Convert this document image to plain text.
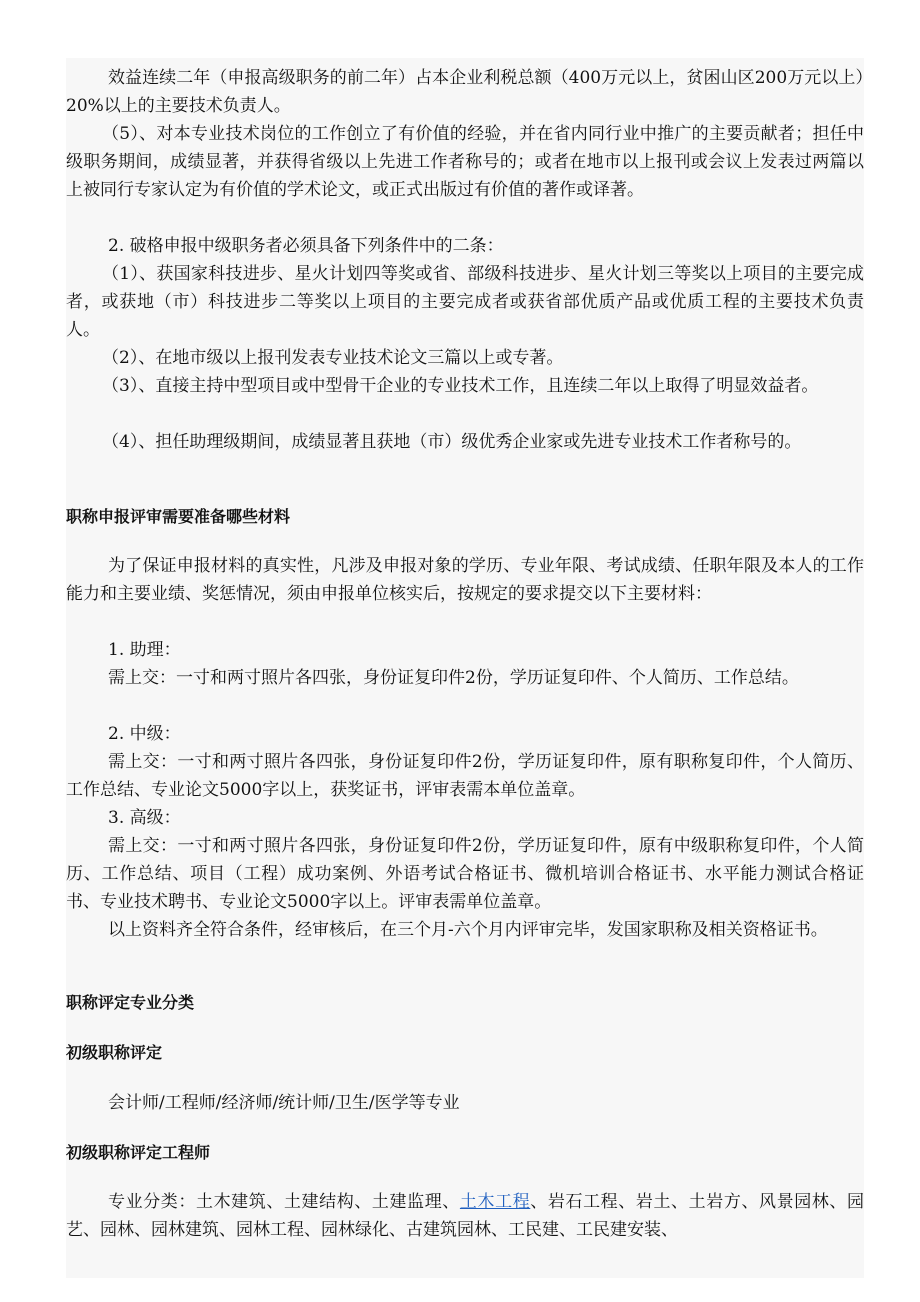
效益连续二年（申报高级职务的前二年）占本企业利税总额（400万元以上，贫困山区200万元以上）20%以上的主要技术负责人。

（5）、对本专业技术岗位的工作创立了有价值的经验，并在省内同行业中推广的主要贡献者；担任中级职务期间，成绩显著，并获得省级以上先进工作者称号的；或者在地市以上报刊或会议上发表过两篇以上被同行专家认定为有价值的学术论文，或正式出版过有价值的著作或译著。

2. 破格申报中级职务者必须具备下列条件中的二条：

（1）、获国家科技进步、星火计划四等奖或省、部级科技进步、星火计划三等奖以上项目的主要完成者，或获地（市）科技进步二等奖以上项目的主要完成者或获省部优质产品或优质工程的主要技术负责人。

（2）、在地市级以上报刊发表专业技术论文三篇以上或专著。

（3）、直接主持中型项目或中型骨干企业的专业技术工作，且连续二年以上取得了明显效益者。

（4）、担任助理级期间，成绩显著且获地（市）级优秀企业家或先进专业技术工作者称号的。

职称申报评审需要准备哪些材料

为了保证申报材料的真实性，凡涉及申报对象的学历、专业年限、考试成绩、任职年限及本人的工作能力和主要业绩、奖惩情况，须由申报单位核实后，按规定的要求提交以下主要材料：

1. 助理：

需上交：一寸和两寸照片各四张，身份证复印件2份，学历证复印件、个人简历、工作总结。

2. 中级：

需上交：一寸和两寸照片各四张，身份证复印件2份，学历证复印件，原有职称复印件，个人简历、工作总结、专业论文5000字以上，获奖证书，评审表需本单位盖章。

3. 高级：

需上交：一寸和两寸照片各四张，身份证复印件2份，学历证复印件，原有中级职称复印件，个人简历、工作总结、项目（工程）成功案例、外语考试合格证书、微机培训合格证书、水平能力测试合格证书、专业技术聘书、专业论文5000字以上。评审表需单位盖章。

以上资料齐全符合条件，经审核后，在三个月-六个月内评审完毕，发国家职称及相关资格证书。

职称评定专业分类
初级职称评定

会计师/工程师/经济师/统计师/卫生/医学等专业

初级职称评定工程师

专业分类：土木建筑、土建结构、土建监理、土木工程、岩石工程、岩土、土岩方、风景园林、园艺、园林、园林建筑、园林工程、园林绿化、古建筑园林、工民建、工民建安装、
